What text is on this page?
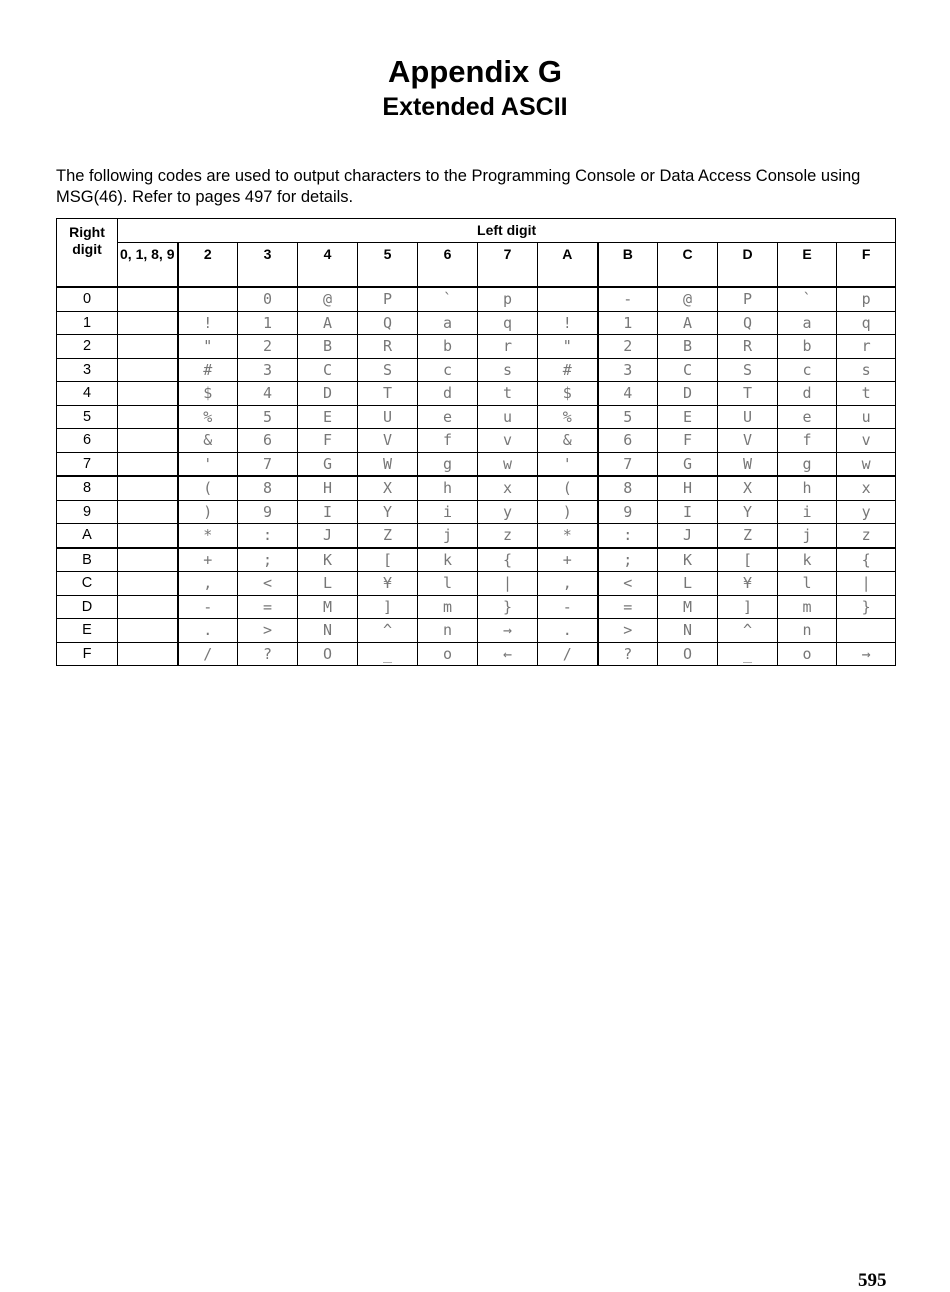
Appendix G
Extended ASCII
The following codes are used to output characters to the Programming Console or Data Access Console using MSG(46). Refer to pages 497 for details.
Right digit	Left digit												
	0, 1, 8, 9	2	3	4	5	6	7	A	B	C	D	E	F
0			0	@	P	`	p		-	@	P	`	p
1		!	1	A	Q	a	q	!	1	A	Q	a	q
2		"	2	B	R	b	r	"	2	B	R	b	r
3		#	3	C	S	c	s	#	3	C	S	c	s
4		$	4	D	T	d	t	$	4	D	T	d	t
5		%	5	E	U	e	u	%	5	E	U	e	u
6		&	6	F	V	f	v	&	6	F	V	f	v
7		'	7	G	W	g	w	'	7	G	W	g	w
8		(	8	H	X	h	x	(	8	H	X	h	x
9		)	9	I	Y	i	y	)	9	I	Y	i	y
A		*	:	J	Z	j	z	*	:	J	Z	j	z
B		+	;	K	[	k	{	+	;	K	[	k	{
C		,	<	L	¥	l	|	,	<	L	¥	l	|
D		-	=	M	]	m	}	-	=	M	]	m	}
E		.	>	N	^	n	→	.	>	N	^	n	
F		/	?	O	_	o	←	/	?	O	_	o	→
595
